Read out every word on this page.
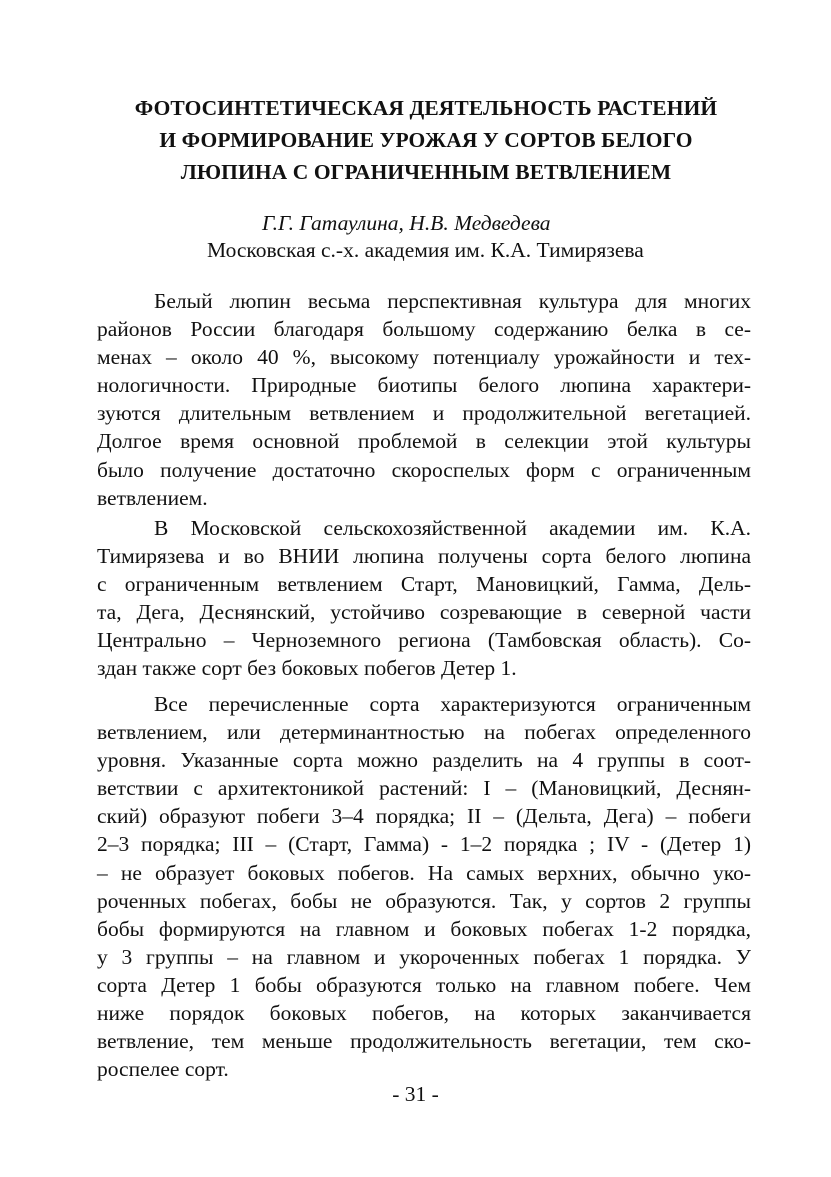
ФОТОСИНТЕТИЧЕСКАЯ ДЕЯТЕЛЬНОСТЬ РАСТЕНИЙ
И ФОРМИРОВАНИЕ УРОЖАЯ У СОРТОВ БЕЛОГО
ЛЮПИНА С ОГРАНИЧЕННЫМ ВЕТВЛЕНИЕМ
Г.Г. Гатаулина, Н.В. Медведева
Московская с.-х. академия им. К.А. Тимирязева

Белый люпин весьма перспективная культура для многих
районов России благодаря большому содержанию белка в се-
менах – около 40 %, высокому потенциалу урожайности и тех-
нологичности. Природные биотипы белого люпина характери-
зуются длительным ветвлением и продолжительной вегетацией.
Долгое время основной проблемой в селекции этой культуры
было получение достаточно скороспелых форм с ограниченным
ветвлением.

В Московской сельскохозяйственной академии им. К.А.
Тимирязева и во ВНИИ люпина получены сорта белого люпина
с ограниченным ветвлением Старт, Мановицкий, Гамма, Дель-
та, Дега, Деснянский, устойчиво созревающие в северной части
Центрально – Черноземного региона (Тамбовская область). Со-
здан также сорт без боковых побегов Детер 1.

Все перечисленные сорта характеризуются ограниченным
ветвлением, или детерминантностью на побегах определенного
уровня. Указанные сорта можно разделить на 4 группы в соот-
ветствии с архитектоникой растений: I – (Мановицкий, Деснян-
ский) образуют побеги 3–4 порядка; II – (Дельта, Дега) – побеги
2–3 порядка; III – (Старт, Гамма) - 1–2 порядка ; IV - (Детер 1)
– не образует боковых побегов. На самых верхних, обычно уко-
роченных побегах, бобы не образуются. Так, у сортов 2 группы
бобы формируются на главном и боковых побегах 1-2 порядка,
у 3 группы – на главном и укороченных побегах 1 порядка. У
сорта Детер 1 бобы образуются только на главном побеге. Чем
ниже порядок боковых побегов, на которых заканчивается
ветвление, тем меньше продолжительность вегетации, тем ско-
роспелее сорт.

- 31 -
